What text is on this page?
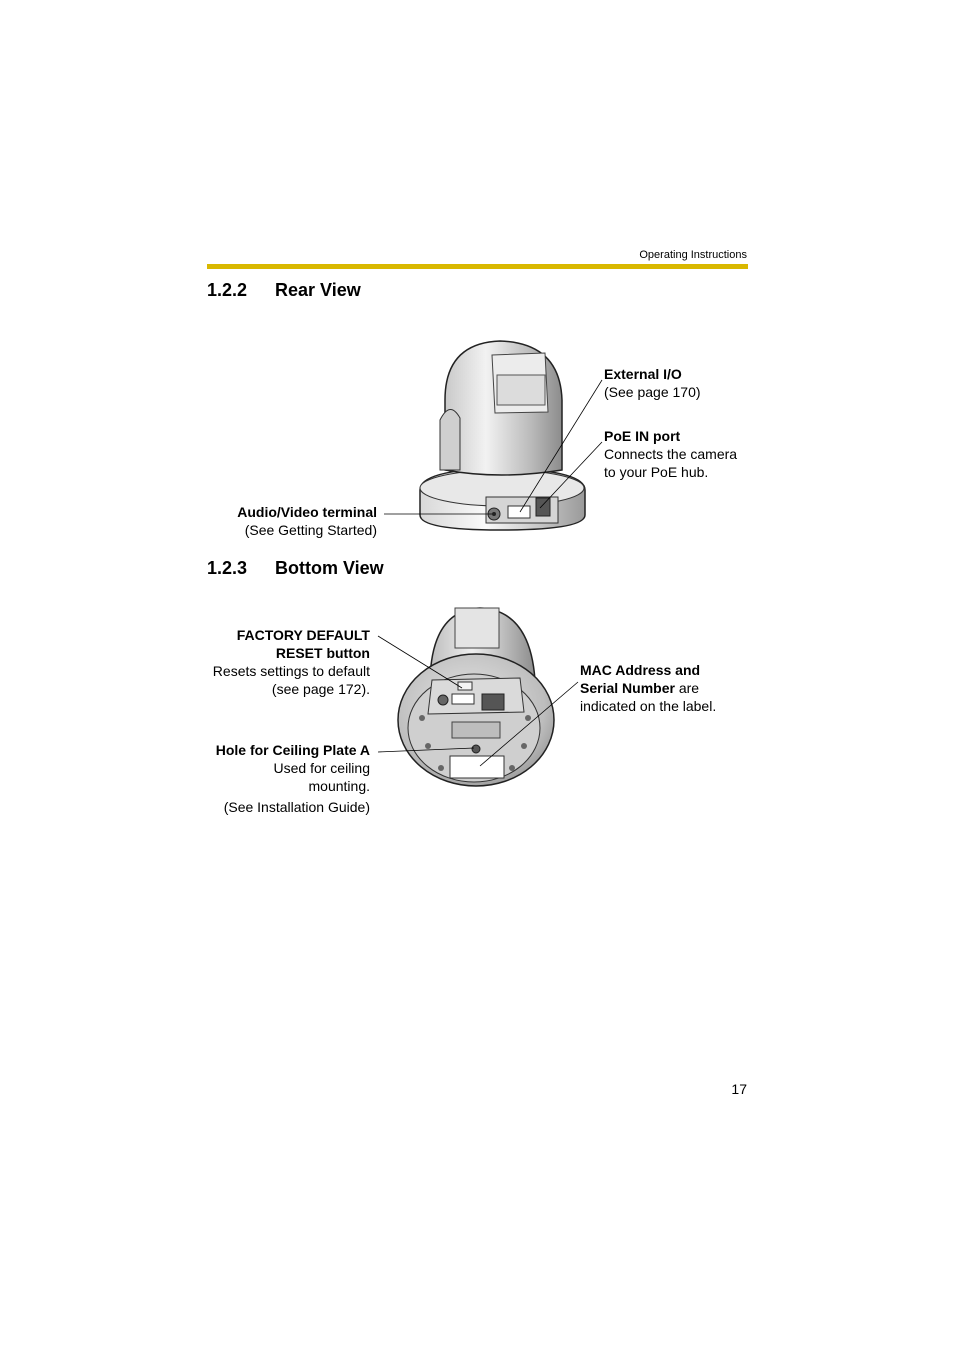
Operating Instructions
1.2.2 Rear View
External I/O
(See page 170)
PoE IN port
Connects the camera
to your PoE hub.
Audio/Video terminal
(See Getting Started)
1.2.3 Bottom View
FACTORY DEFAULT
RESET button
Resets settings to default
(see page 172).
MAC Address and
Serial Number are
indicated on the label.
Hole for Ceiling Plate A
Used for ceiling
mounting.
(See Installation Guide)
17
